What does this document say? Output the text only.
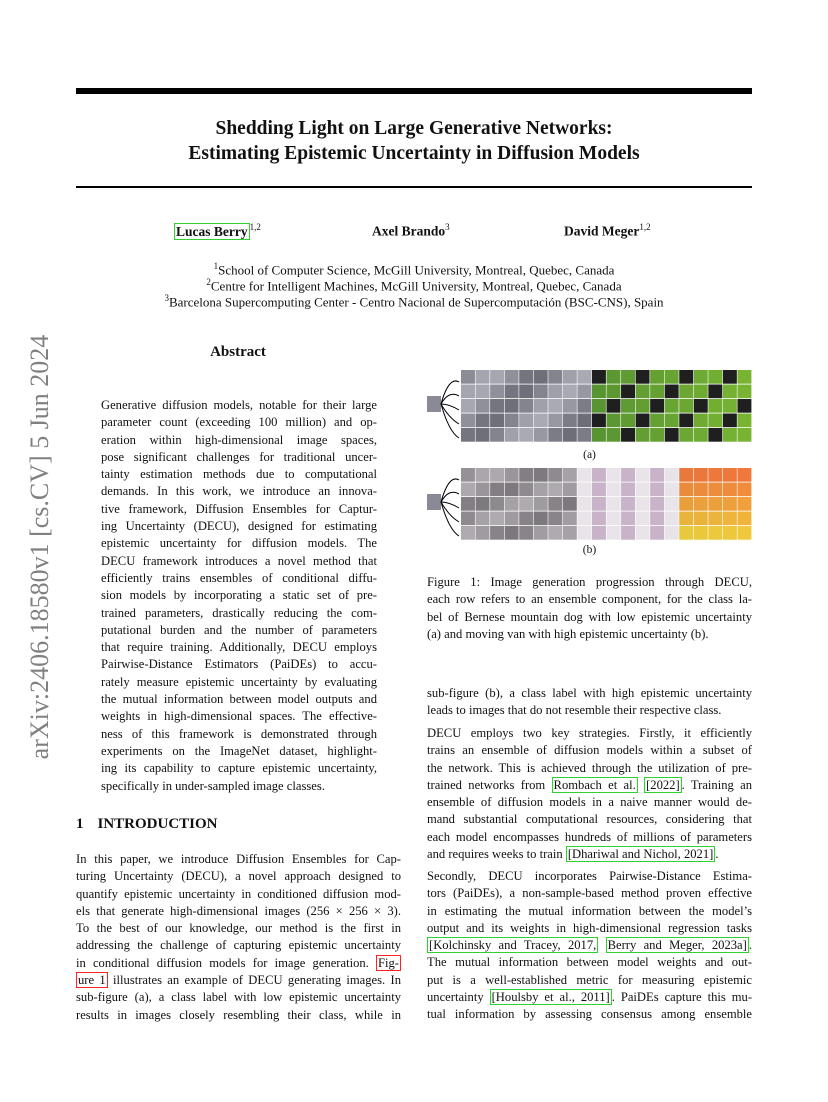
Shedding Light on Large Generative Networks:
Estimating Epistemic Uncertainty in Diffusion Models
Lucas Berry $^{1,2}$	Axel Brando$^3$	David Meger$^{1,2}$
$^1$School of Computer Science, McGill University, Montreal, Quebec, Canada
$^2$Centre for Intelligent Machines, McGill University, Montreal, Quebec, Canada
$^3$Barcelona Supercomputing Center - Centro Nacional de Supercomputación (BSC-CNS), Spain
arXiv:2406.18580v1 [cs.CV] 5 Jun 2024	Abstract
Generative diffusion models, notable for their large
parameter count (exceeding 100 million) and op-
eration within high-dimensional image spaces,
pose significant challenges for traditional uncer-
tainty estimation methods due to computational
demands. In this work, we introduce an innova-
tive framework, Diffusion Ensembles for Captur-
ing Uncertainty (DECU), designed for estimating
epistemic uncertainty for diffusion models. The
DECU framework introduces a novel method that
efficiently trains ensembles of conditional diffu-
sion models by incorporating a static set of pre-
trained parameters, drastically reducing the com-
putational burden and the number of parameters
that require training. Additionally, DECU employs
Pairwise-Distance Estimators (PaiDEs) to accu-
rately measure epistemic uncertainty by evaluating
the mutual information between model outputs and
weights in high-dimensional spaces. The effective-
ness of this framework is demonstrated through
experiments on the ImageNet dataset, highlight-
ing its capability to capture epistemic uncertainty,
specifically in under-sampled image classes.
(a)
(b)
Figure 1: Image generation progression through DECU,
each row refers to an ensemble component, for the class la-
bel of Bernese mountain dog with low epistemic uncertainty
(a) and moving van with high epistemic uncertainty (b).
1 INTRODUCTION
In this paper, we introduce Diffusion Ensembles for Cap-
turing Uncertainty (DECU), a novel approach designed to
quantify epistemic uncertainty in conditioned diffusion mod-
els that generate high-dimensional images (256 × 256 × 3).
To the best of our knowledge, our method is the first in
addressing the challenge of capturing epistemic uncertainty
in conditional diffusion models for image generation. Fig-
ure 1 illustrates an example of DECU generating images. In
sub-figure (a), a class label with low epistemic uncertainty
results in images closely resembling their class, while in
sub-figure (b), a class label with high epistemic uncertainty
leads to images that do not resemble their respective class.
DECU employs two key strategies. Firstly, it efficiently
trains an ensemble of diffusion models within a subset of
the network. This is achieved through the utilization of pre-
trained networks from Rombach et al. [2022] . Training an
ensemble of diffusion models in a naive manner would de-
mand substantial computational resources, considering that
each model encompasses hundreds of millions of parameters
and requires weeks to train [Dhariwal and Nichol, 2021] .
Secondly, DECU incorporates Pairwise-Distance Estima-
tors (PaiDEs), a non-sample-based method proven effective
in estimating the mutual information between the model’s
output and its weights in high-dimensional regression tasks
[Kolchinsky and Tracey, 2017, Berry and Meger, 2023a] .
The mutual information between model weights and out-
put is a well-established metric for measuring epistemic
uncertainty [Houlsby et al., 2011] . PaiDEs capture this mu-
tual information by assessing consensus among ensemble
